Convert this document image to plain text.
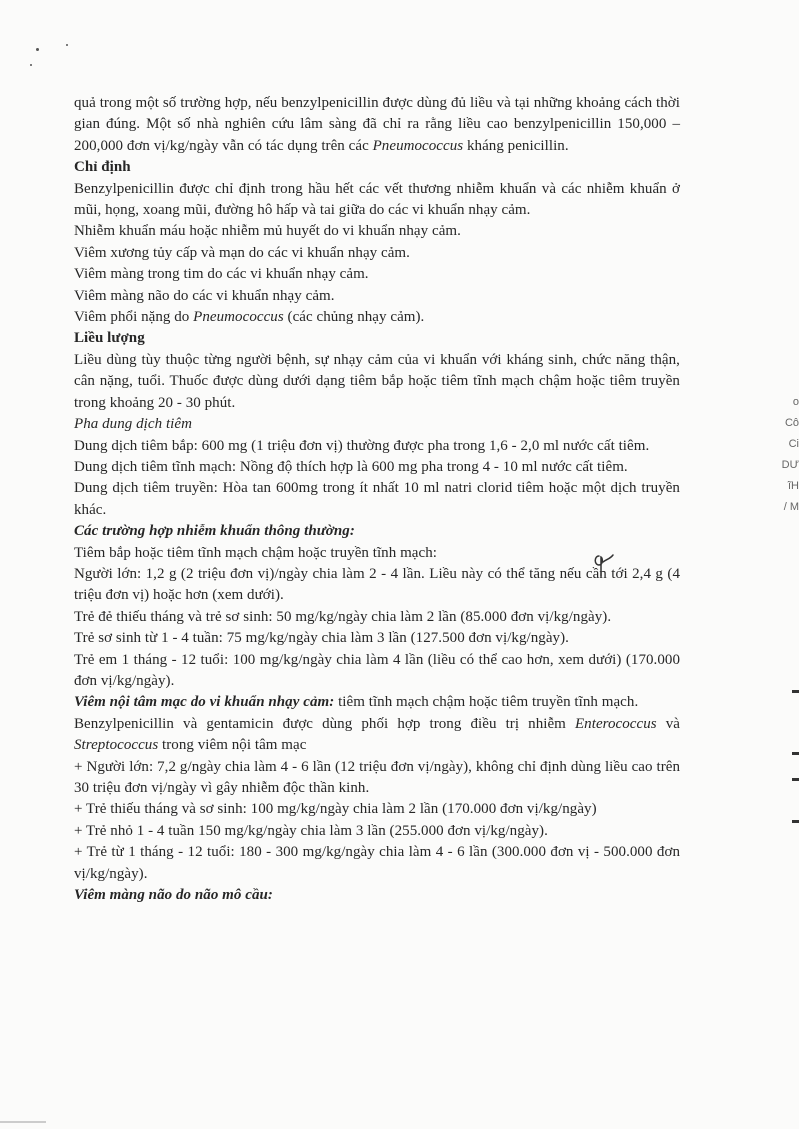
quả trong một số trường hợp, nếu benzylpenicillin được dùng đủ liều và tại những khoảng cách thời gian đúng. Một số nhà nghiên cứu lâm sàng đã chỉ ra rằng liều cao benzylpenicillin 150,000 – 200,000 đơn vị/kg/ngày vẫn có tác dụng trên các Pneumococcus kháng penicillin.

Chỉ định

Benzylpenicillin được chỉ định trong hầu hết các vết thương nhiễm khuẩn và các nhiễm khuẩn ở mũi, họng, xoang mũi, đường hô hấp và tai giữa do các vi khuẩn nhạy cảm.

Nhiễm khuẩn máu hoặc nhiễm mủ huyết do vi khuẩn nhạy cảm.

Viêm xương tủy cấp và mạn do các vi khuẩn nhạy cảm.

Viêm màng trong tim do các vi khuẩn nhạy cảm.

Viêm màng não do các vi khuẩn nhạy cảm.

Viêm phổi nặng do Pneumococcus (các chủng nhạy cảm).

Liều lượng

Liều dùng tùy thuộc từng người bệnh, sự nhạy cảm của vi khuẩn với kháng sinh, chức năng thận, cân nặng, tuổi. Thuốc được dùng dưới dạng tiêm bắp hoặc tiêm tĩnh mạch chậm hoặc tiêm truyền trong khoảng 20 - 30 phút.

Pha dung dịch tiêm

Dung dịch tiêm bắp: 600 mg (1 triệu đơn vị) thường được pha trong 1,6 - 2,0 ml nước cất tiêm.

Dung dịch tiêm tĩnh mạch: Nồng độ thích hợp là 600 mg pha trong 4 - 10 ml nước cất tiêm.

Dung dịch tiêm truyền: Hòa tan 600mg trong ít nhất 10 ml natri clorid tiêm hoặc một dịch truyền khác.

Các trường hợp nhiễm khuẩn thông thường:

Tiêm bắp hoặc tiêm tĩnh mạch chậm hoặc truyền tĩnh mạch:

Người lớn: 1,2 g (2 triệu đơn vị)/ngày chia làm 2 - 4 lần. Liều này có thể tăng nếu cần tới 2,4 g (4 triệu đơn vị) hoặc hơn (xem dưới).

Trẻ đẻ thiếu tháng và trẻ sơ sinh: 50 mg/kg/ngày chia làm 2 lần (85.000 đơn vị/kg/ngày).

Trẻ sơ sinh từ 1 - 4 tuần: 75 mg/kg/ngày chia làm 3 lần (127.500 đơn vị/kg/ngày).

Trẻ em 1 tháng - 12 tuổi: 100 mg/kg/ngày chia làm 4 lần (liều có thể cao hơn, xem dưới) (170.000 đơn vị/kg/ngày).

Viêm nội tâm mạc do vi khuẩn nhạy cảm: tiêm tĩnh mạch chậm hoặc tiêm truyền tĩnh mạch.

Benzylpenicillin và gentamicin được dùng phối hợp trong điều trị nhiễm Enterococcus và Streptococcus trong viêm nội tâm mạc

+ Người lớn: 7,2 g/ngày chia làm 4 - 6 lần (12 triệu đơn vị/ngày), không chỉ định dùng liều cao trên 30 triệu đơn vị/ngày vì gây nhiễm độc thần kinh.

+ Trẻ thiếu tháng và sơ sinh: 100 mg/kg/ngày chia làm 2 lần (170.000 đơn vị/kg/ngày)

+ Trẻ nhỏ 1 - 4 tuần 150 mg/kg/ngày chia làm 3 lần (255.000 đơn vị/kg/ngày).

+ Trẻ từ 1 tháng - 12 tuổi: 180 - 300 mg/kg/ngày chia làm 4 - 6 lần (300.000 đơn vị - 500.000 đơn vị/kg/ngày).

Viêm màng não do não mô cầu:

o
Cô
Ci
DƯ
ĩH
/ M
